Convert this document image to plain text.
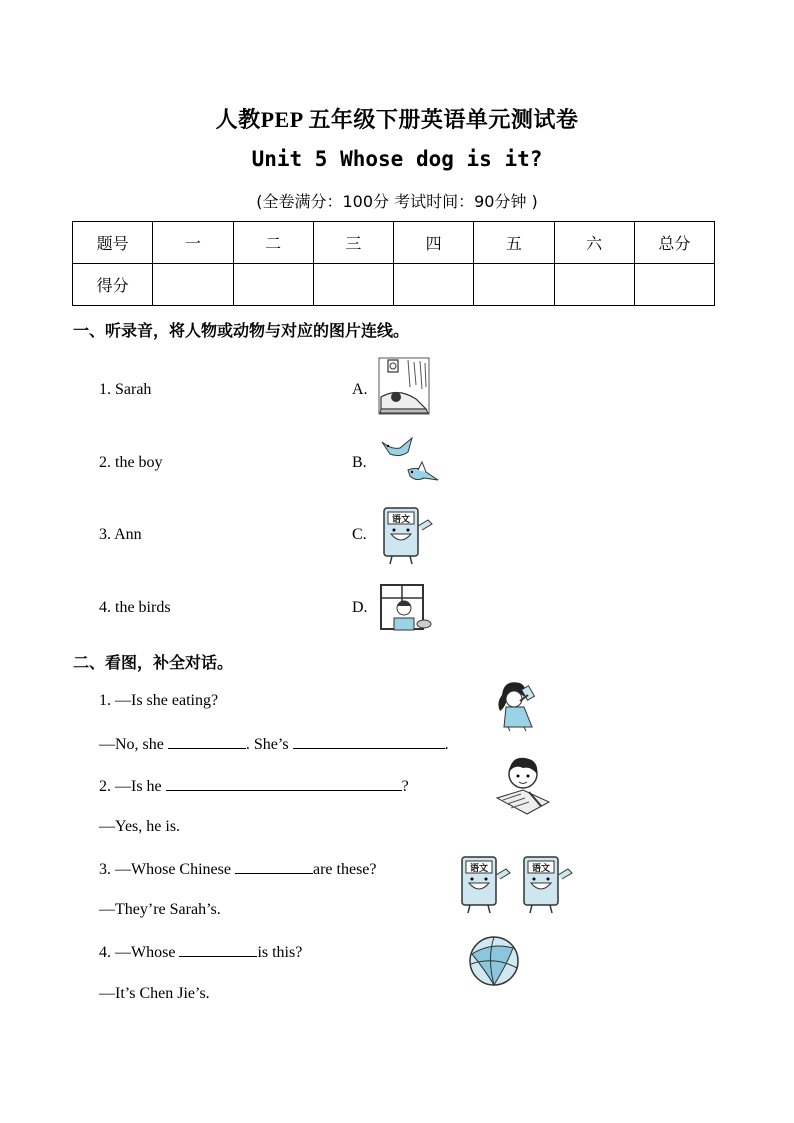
人教PEP 五年级下册英语单元测试卷
Unit 5 Whose dog is it?
(全卷满分：100分 考试时间：90分钟 )
题号	一	二	三	四	五	六	总分
得分							
一、听录音，将人物或动物与对应的图片连线。
1. Sarah
2. the boy
3. Ann
4. the birds
A.
B.
C.
D.
语文
二、看图，补全对话。
1. —Is she eating?
—No, she	. She’s	.
2. —Is he	?
—Yes, he is.
3. —Whose Chinese	are these?
—They’re Sarah’s.
4. —Whose	is this?
—It’s Chen Jie’s.
语文	语文
